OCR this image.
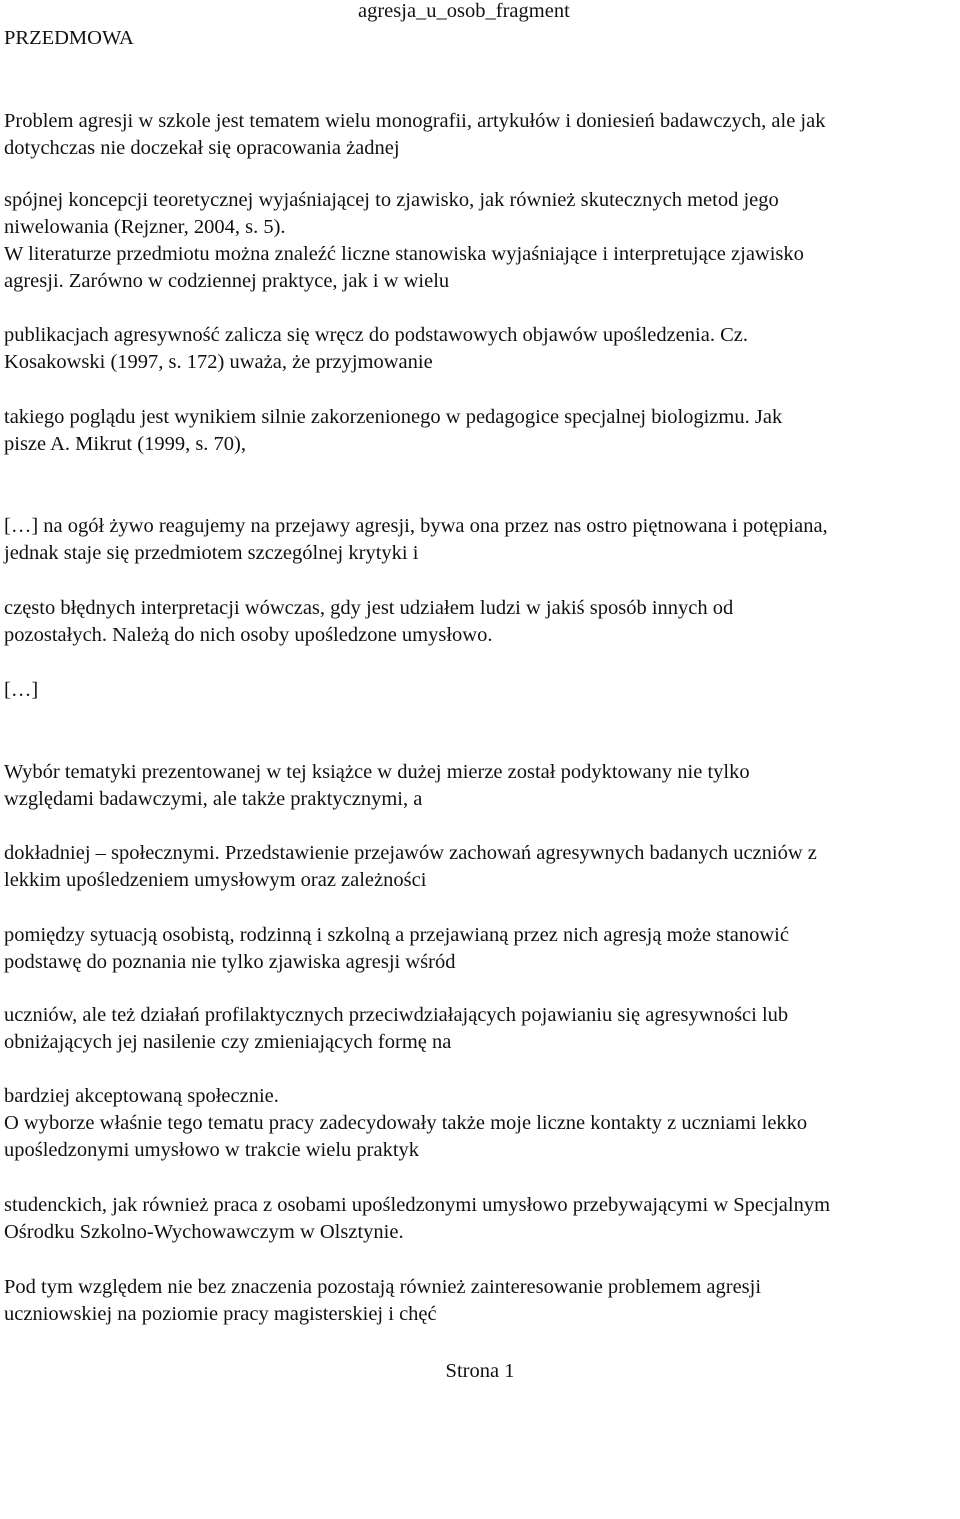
PRZEDMOWA

agresja_u_osob_fragment

Problem agresji w szkole jest tematem wielu monografii, artykułów i doniesień badawczych, ale jak
dotychczas nie doczekał się opracowania żadnej

spójnej koncepcji teoretycznej wyjaśniającej to zjawisko, jak również skutecznych metod jego
niwelowania (Rejzner, 2004, s. 5).
W literaturze przedmiotu można znaleźć liczne stanowiska wyjaśniające i interpretujące zjawisko
agresji. Zarówno w codziennej praktyce, jak i w wielu

publikacjach agresywność zalicza się wręcz do podstawowych objawów upośledzenia. Cz.
Kosakowski (1997, s. 172) uważa, że przyjmowanie

takiego poglądu jest wynikiem silnie zakorzenionego w pedagogice specjalnej biologizmu. Jak
pisze A. Mikrut (1999, s. 70),

[…] na ogół żywo reagujemy na przejawy agresji, bywa ona przez nas ostro piętnowana i potępiana,
jednak staje się przedmiotem szczególnej krytyki i

często błędnych interpretacji wówczas, gdy jest udziałem ludzi w jakiś sposób innych od
pozostałych. Należą do nich osoby upośledzone umysłowo.

[…]

Wybór tematyki prezentowanej w tej książce w dużej mierze został podyktowany nie tylko
względami badawczymi, ale także praktycznymi, a

dokładniej – społecznymi. Przedstawienie przejawów zachowań agresywnych badanych uczniów z
lekkim upośledzeniem umysłowym oraz zależności

pomiędzy sytuacją osobistą, rodzinną i szkolną a przejawianą przez nich agresją może stanowić
podstawę do poznania nie tylko zjawiska agresji wśród

uczniów, ale też działań profilaktycznych przeciwdziałających pojawianiu się agresywności lub
obniżających jej nasilenie czy zmieniających formę na

bardziej akceptowaną społecznie.
O wyborze właśnie tego tematu pracy zadecydowały także moje liczne kontakty z uczniami lekko
upośledzonymi umysłowo w trakcie wielu praktyk

studenckich, jak również praca z osobami upośledzonymi umysłowo przebywającymi w Specjalnym
Ośrodku Szkolno-Wychowawczym w Olsztynie.

Pod tym względem nie bez znaczenia pozostają również zainteresowanie problemem agresji
uczniowskiej na poziomie pracy magisterskiej i chęć

Strona 1
